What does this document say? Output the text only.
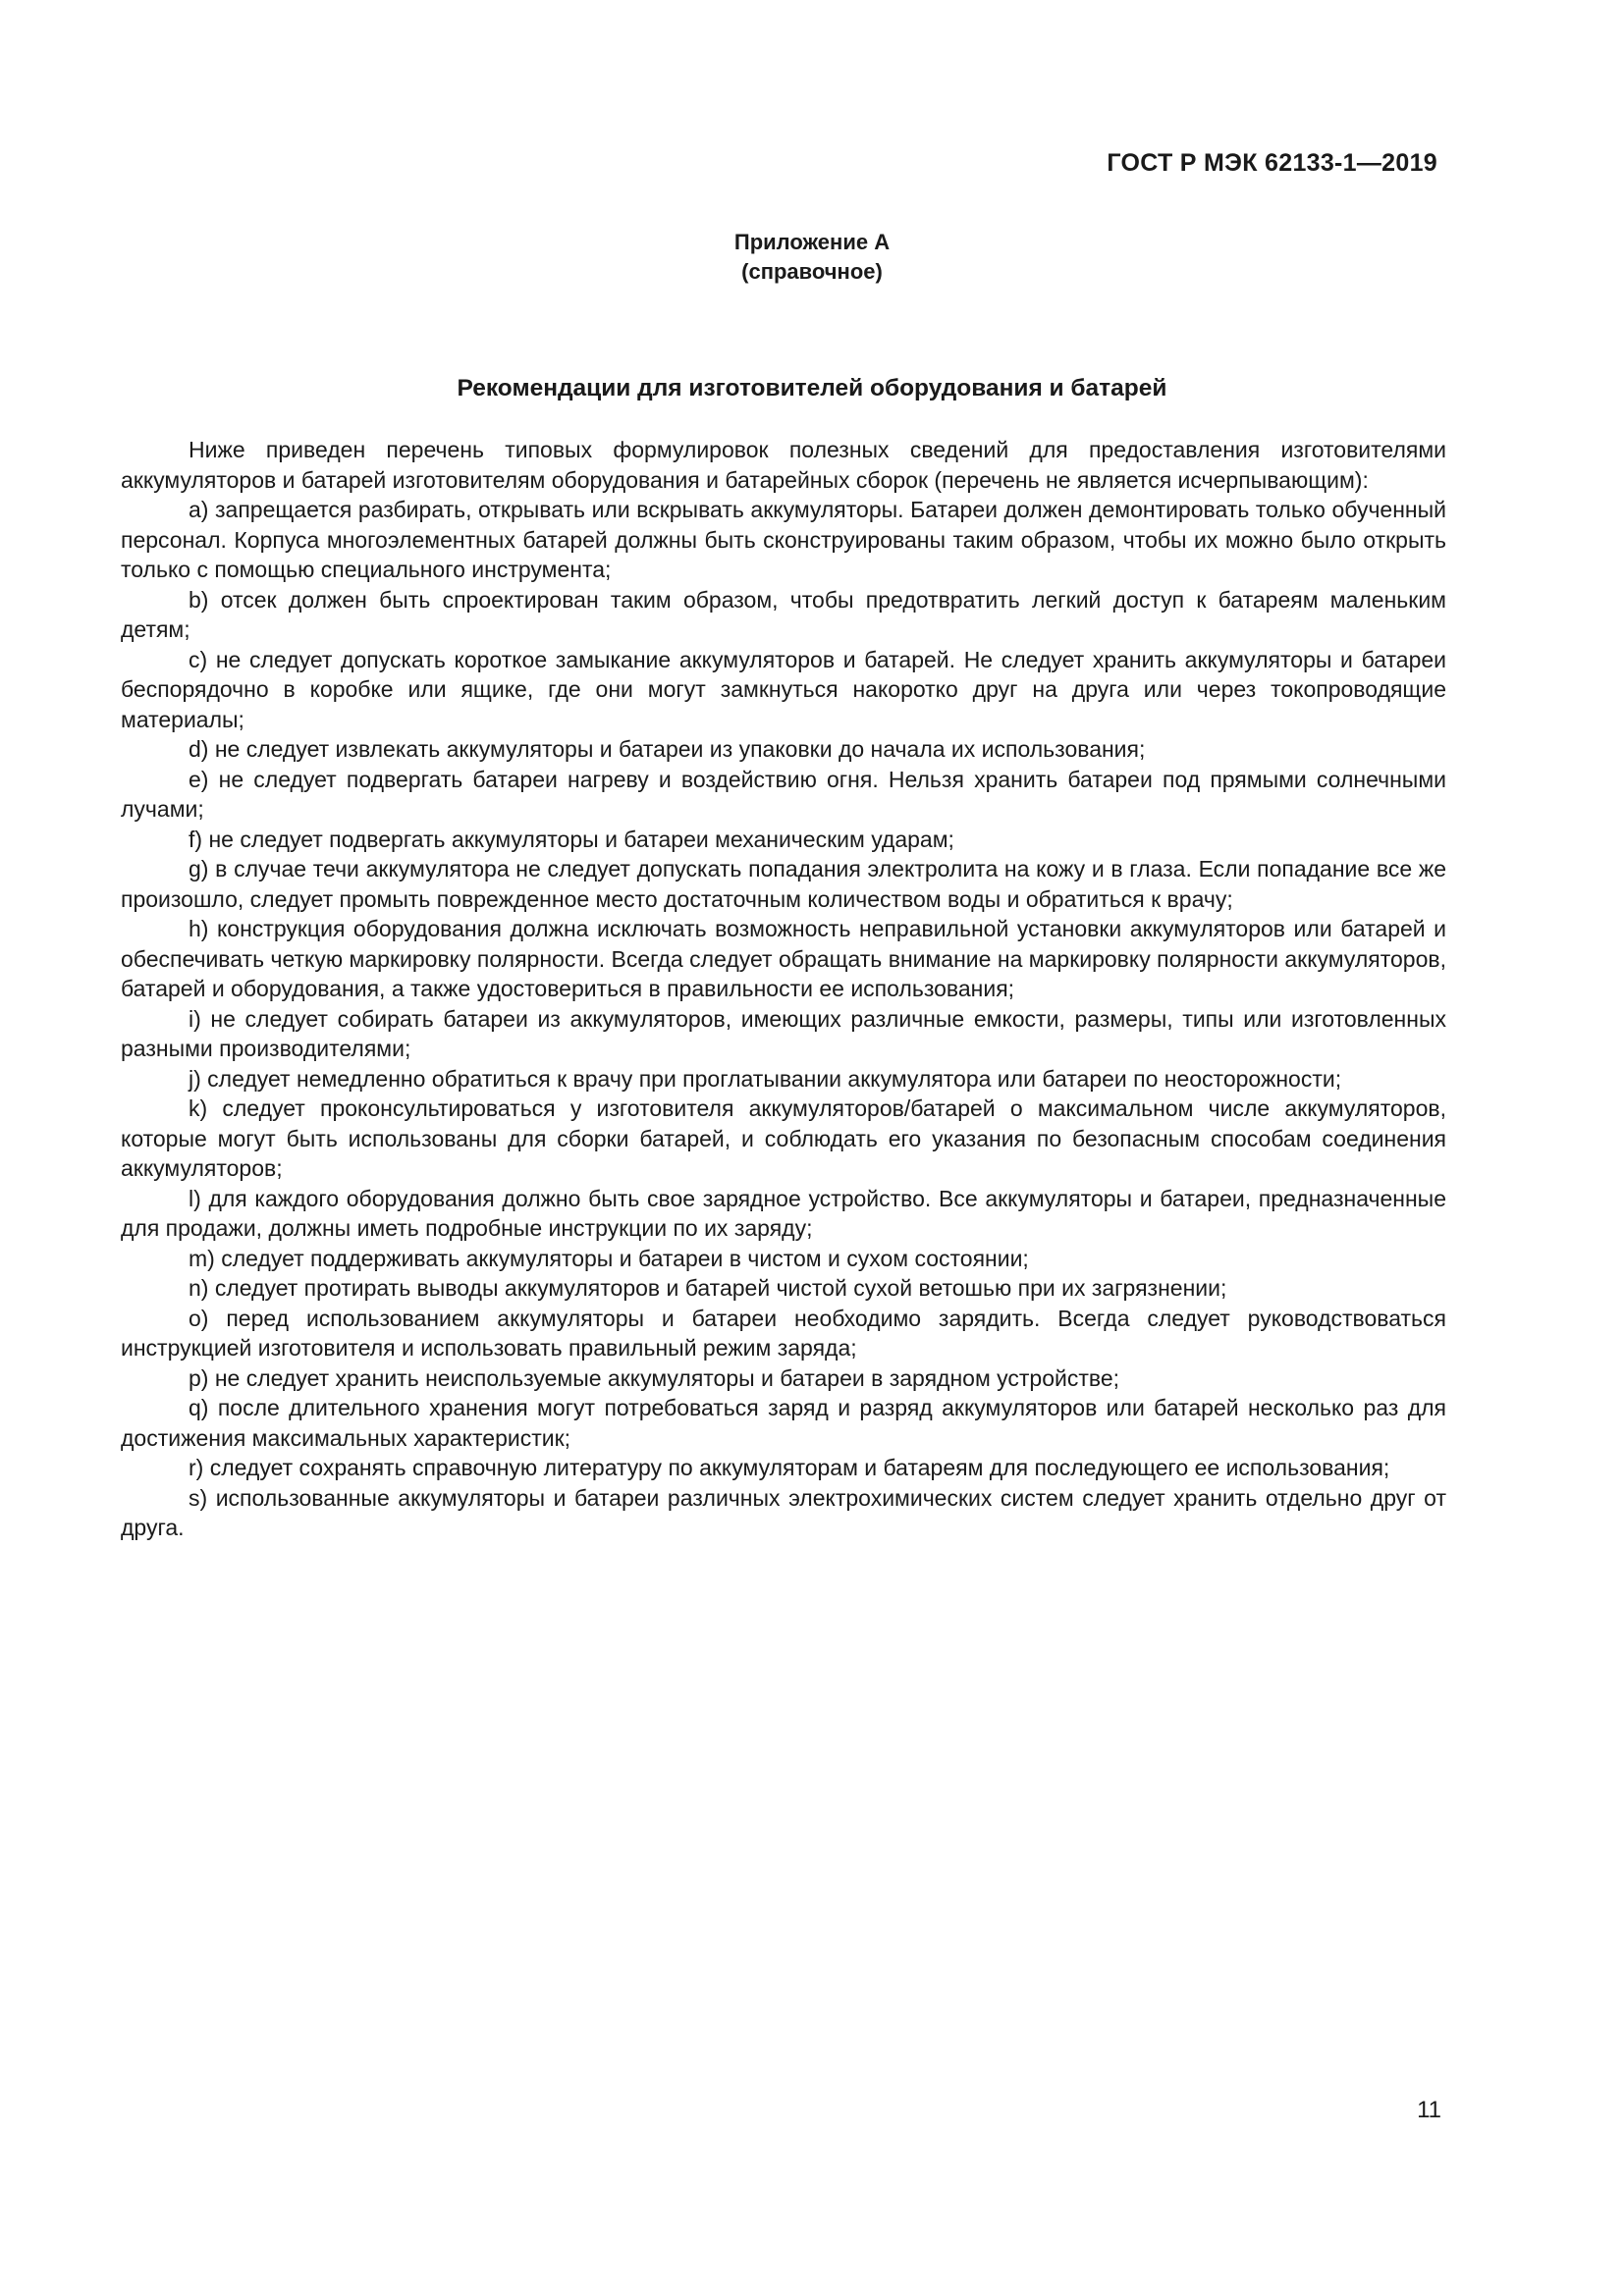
ГОСТ Р МЭК 62133-1—2019
Приложение А
(справочное)
Рекомендации для изготовителей оборудования и батарей

Ниже приведен перечень типовых формулировок полезных сведений для предоставления изготовителями аккумуляторов и батарей изготовителям оборудования и батарейных сборок (перечень не является исчерпывающим):

a) запрещается разбирать, открывать или вскрывать аккумуляторы. Батареи должен демонтировать только обученный персонал. Корпуса многоэлементных батарей должны быть сконструированы таким образом, чтобы их можно было открыть только с помощью специального инструмента;

b) отсек должен быть спроектирован таким образом, чтобы предотвратить легкий доступ к батареям маленьким детям;

c) не следует допускать короткое замыкание аккумуляторов и батарей. Не следует хранить аккумуляторы и батареи беспорядочно в коробке или ящике, где они могут замкнуться накоротко друг на друга или через токопроводящие материалы;

d) не следует извлекать аккумуляторы и батареи из упаковки до начала их использования;

e) не следует подвергать батареи нагреву и воздействию огня. Нельзя хранить батареи под прямыми солнечными лучами;

f) не следует подвергать аккумуляторы и батареи механическим ударам;

g) в случае течи аккумулятора не следует допускать попадания электролита на кожу и в глаза. Если попадание все же произошло, следует промыть поврежденное место достаточным количеством воды и обратиться к врачу;

h) конструкция оборудования должна исключать возможность неправильной установки аккумуляторов или батарей и обеспечивать четкую маркировку полярности. Всегда следует обращать внимание на маркировку полярности аккумуляторов, батарей и оборудования, а также удостовериться в правильности ее использования;

i) не следует собирать батареи из аккумуляторов, имеющих различные емкости, размеры, типы или изготовленных разными производителями;

j) следует немедленно обратиться к врачу при проглатывании аккумулятора или батареи по неосторожности;

k) следует проконсультироваться у изготовителя аккумуляторов/батарей о максимальном числе аккумуляторов, которые могут быть использованы для сборки батарей, и соблюдать его указания по безопасным способам соединения аккумуляторов;

l) для каждого оборудования должно быть свое зарядное устройство. Все аккумуляторы и батареи, предназначенные для продажи, должны иметь подробные инструкции по их заряду;

m) следует поддерживать аккумуляторы и батареи в чистом и сухом состоянии;

n) следует протирать выводы аккумуляторов и батарей чистой сухой ветошью при их загрязнении;

o) перед использованием аккумуляторы и батареи необходимо зарядить. Всегда следует руководствоваться инструкцией изготовителя и использовать правильный режим заряда;

p) не следует хранить неиспользуемые аккумуляторы и батареи в зарядном устройстве;

q) после длительного хранения могут потребоваться заряд и разряд аккумуляторов или батарей несколько раз для достижения максимальных характеристик;

r) следует сохранять справочную литературу по аккумуляторам и батареям для последующего ее использования;

s) использованные аккумуляторы и батареи различных электрохимических систем следует хранить отдельно друг от друга.

11
